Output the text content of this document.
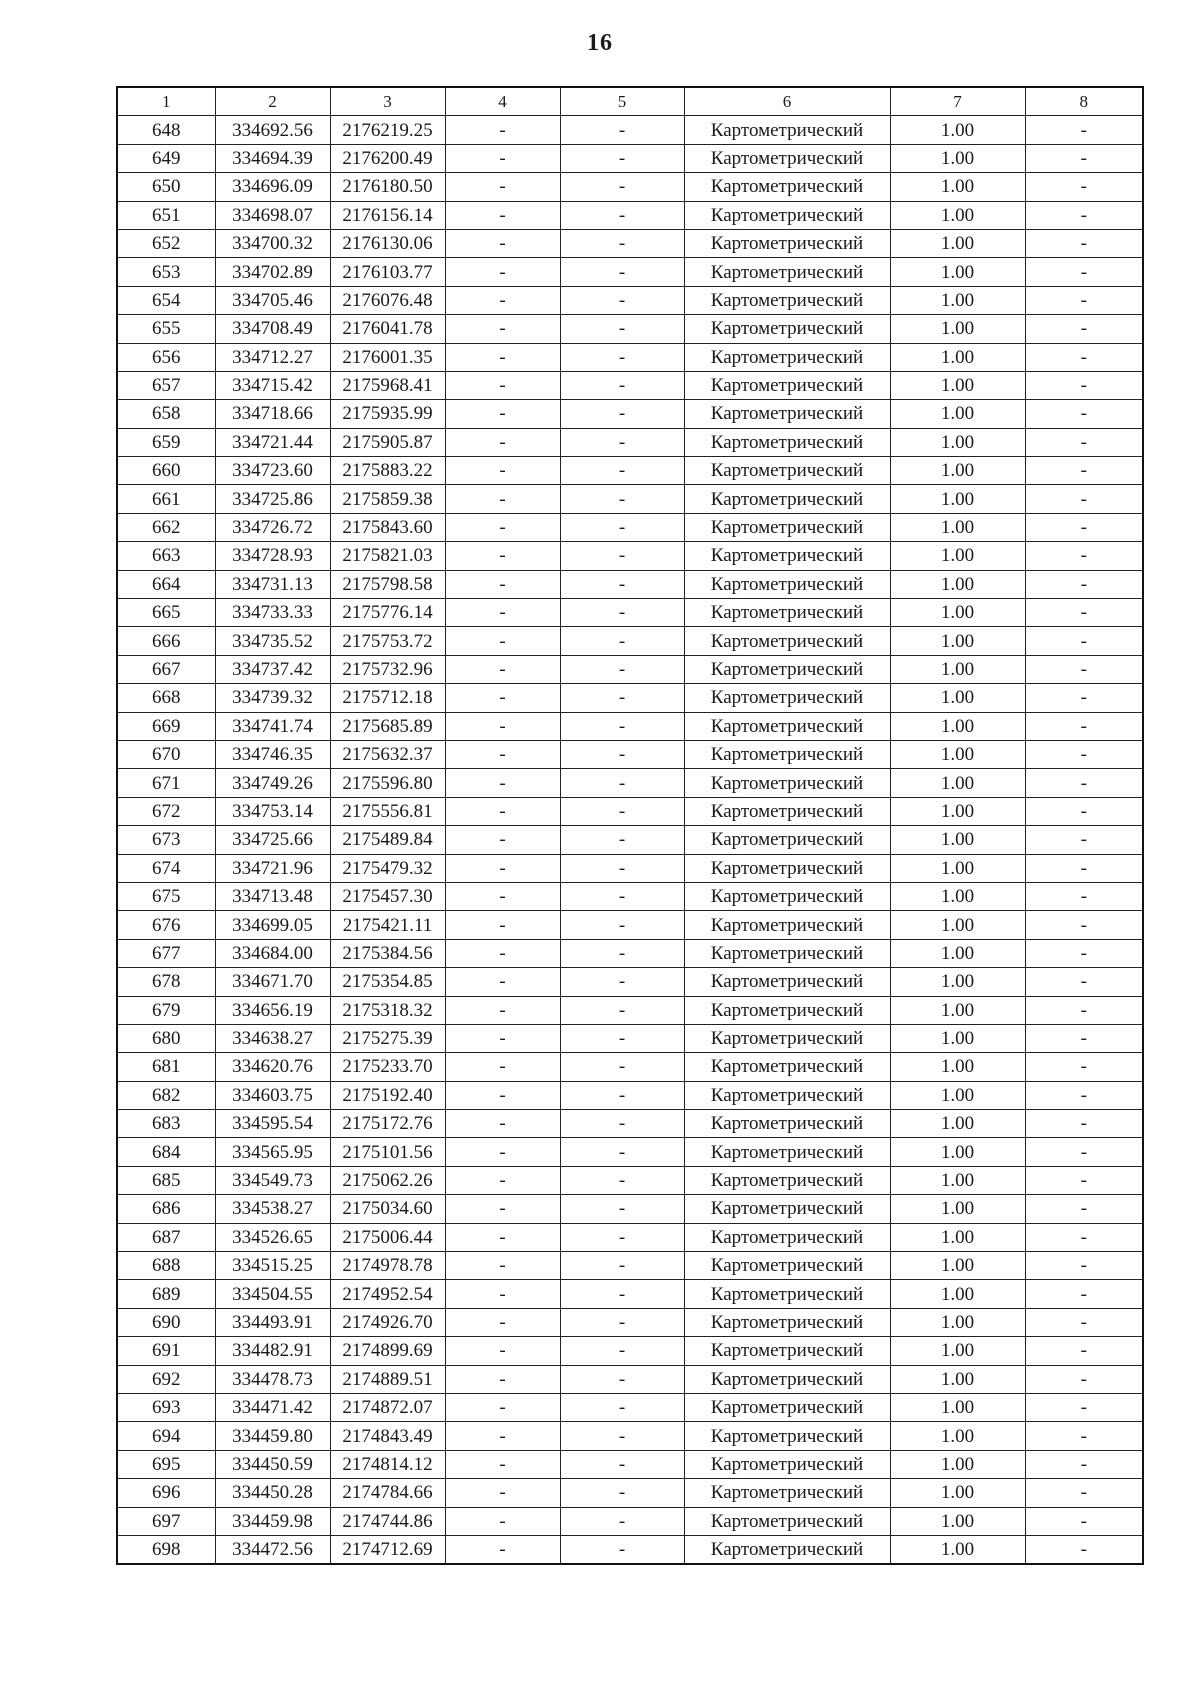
16
1	2	3	4	5	6	7	8
648	334692.56	2176219.25	-	-	Картометрический	1.00	-
649	334694.39	2176200.49	-	-	Картометрический	1.00	-
650	334696.09	2176180.50	-	-	Картометрический	1.00	-
651	334698.07	2176156.14	-	-	Картометрический	1.00	-
652	334700.32	2176130.06	-	-	Картометрический	1.00	-
653	334702.89	2176103.77	-	-	Картометрический	1.00	-
654	334705.46	2176076.48	-	-	Картометрический	1.00	-
655	334708.49	2176041.78	-	-	Картометрический	1.00	-
656	334712.27	2176001.35	-	-	Картометрический	1.00	-
657	334715.42	2175968.41	-	-	Картометрический	1.00	-
658	334718.66	2175935.99	-	-	Картометрический	1.00	-
659	334721.44	2175905.87	-	-	Картометрический	1.00	-
660	334723.60	2175883.22	-	-	Картометрический	1.00	-
661	334725.86	2175859.38	-	-	Картометрический	1.00	-
662	334726.72	2175843.60	-	-	Картометрический	1.00	-
663	334728.93	2175821.03	-	-	Картометрический	1.00	-
664	334731.13	2175798.58	-	-	Картометрический	1.00	-
665	334733.33	2175776.14	-	-	Картометрический	1.00	-
666	334735.52	2175753.72	-	-	Картометрический	1.00	-
667	334737.42	2175732.96	-	-	Картометрический	1.00	-
668	334739.32	2175712.18	-	-	Картометрический	1.00	-
669	334741.74	2175685.89	-	-	Картометрический	1.00	-
670	334746.35	2175632.37	-	-	Картометрический	1.00	-
671	334749.26	2175596.80	-	-	Картометрический	1.00	-
672	334753.14	2175556.81	-	-	Картометрический	1.00	-
673	334725.66	2175489.84	-	-	Картометрический	1.00	-
674	334721.96	2175479.32	-	-	Картометрический	1.00	-
675	334713.48	2175457.30	-	-	Картометрический	1.00	-
676	334699.05	2175421.11	-	-	Картометрический	1.00	-
677	334684.00	2175384.56	-	-	Картометрический	1.00	-
678	334671.70	2175354.85	-	-	Картометрический	1.00	-
679	334656.19	2175318.32	-	-	Картометрический	1.00	-
680	334638.27	2175275.39	-	-	Картометрический	1.00	-
681	334620.76	2175233.70	-	-	Картометрический	1.00	-
682	334603.75	2175192.40	-	-	Картометрический	1.00	-
683	334595.54	2175172.76	-	-	Картометрический	1.00	-
684	334565.95	2175101.56	-	-	Картометрический	1.00	-
685	334549.73	2175062.26	-	-	Картометрический	1.00	-
686	334538.27	2175034.60	-	-	Картометрический	1.00	-
687	334526.65	2175006.44	-	-	Картометрический	1.00	-
688	334515.25	2174978.78	-	-	Картометрический	1.00	-
689	334504.55	2174952.54	-	-	Картометрический	1.00	-
690	334493.91	2174926.70	-	-	Картометрический	1.00	-
691	334482.91	2174899.69	-	-	Картометрический	1.00	-
692	334478.73	2174889.51	-	-	Картометрический	1.00	-
693	334471.42	2174872.07	-	-	Картометрический	1.00	-
694	334459.80	2174843.49	-	-	Картометрический	1.00	-
695	334450.59	2174814.12	-	-	Картометрический	1.00	-
696	334450.28	2174784.66	-	-	Картометрический	1.00	-
697	334459.98	2174744.86	-	-	Картометрический	1.00	-
698	334472.56	2174712.69	-	-	Картометрический	1.00	-
